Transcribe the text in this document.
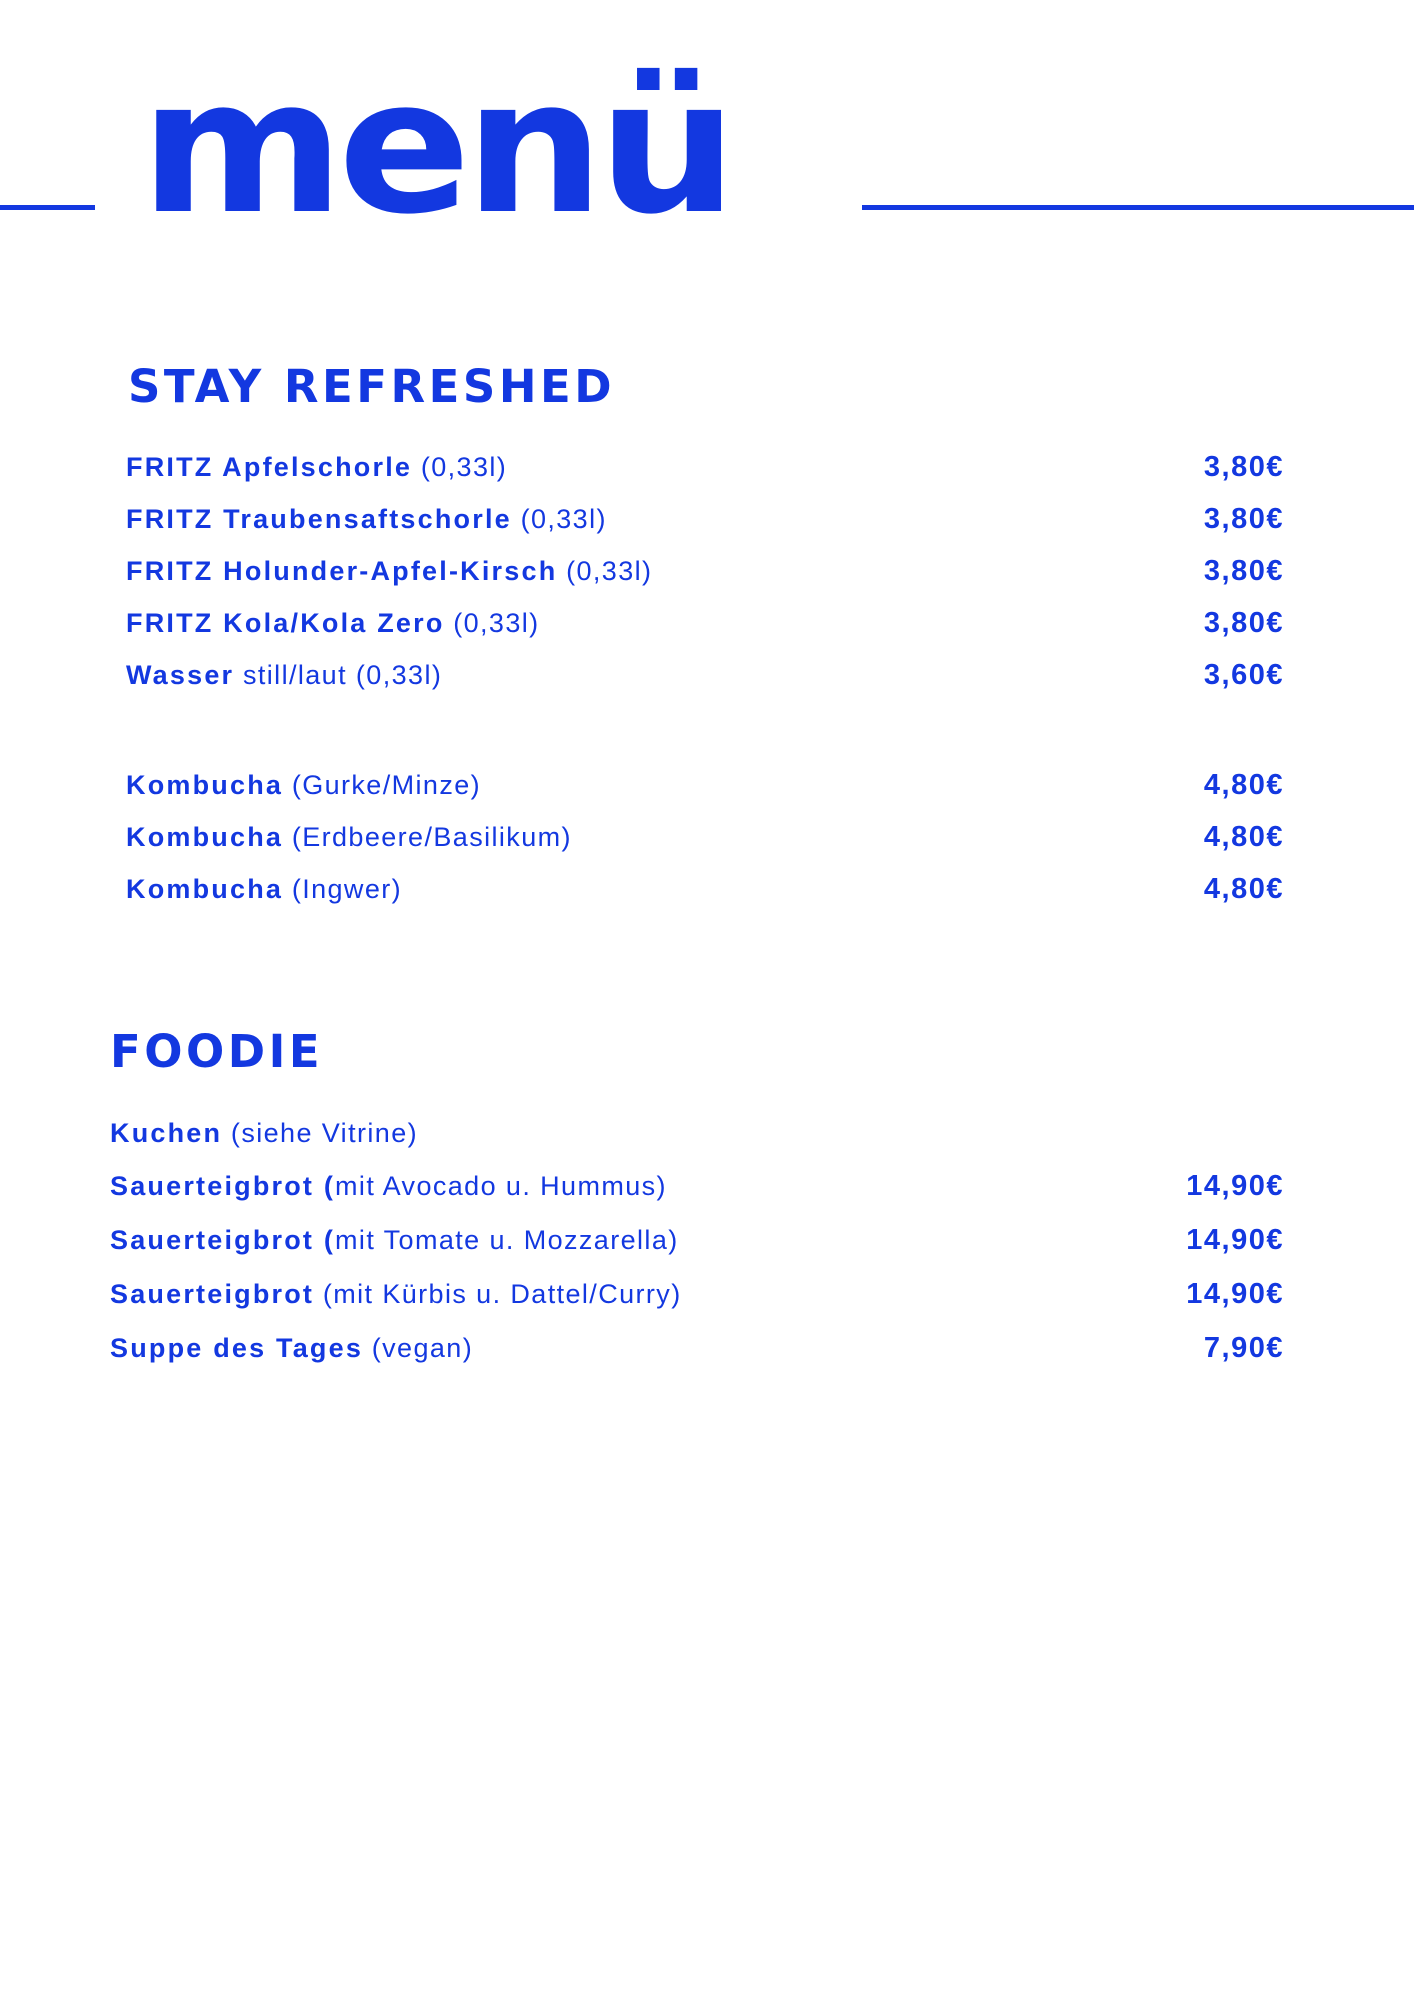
menü
STAY REFRESHED
FRITZ Apfelschorle (0,33l)	3,80€
FRITZ Traubensaftschorle (0,33l)	3,80€
FRITZ Holunder-Apfel-Kirsch (0,33l)	3,80€
FRITZ Kola/Kola Zero (0,33l)	3,80€
Wasser still/laut (0,33l)	3,60€
Kombucha (Gurke/Minze)	4,80€
Kombucha (Erdbeere/Basilikum)	4,80€
Kombucha (Ingwer)	4,80€
FOODIE
Kuchen (siehe Vitrine)
Sauerteigbrot (mit Avocado u. Hummus)	14,90€
Sauerteigbrot (mit Tomate u. Mozzarella)	14,90€
Sauerteigbrot (mit Kürbis u. Dattel/Curry)	14,90€
Suppe des Tages (vegan)	7,90€
